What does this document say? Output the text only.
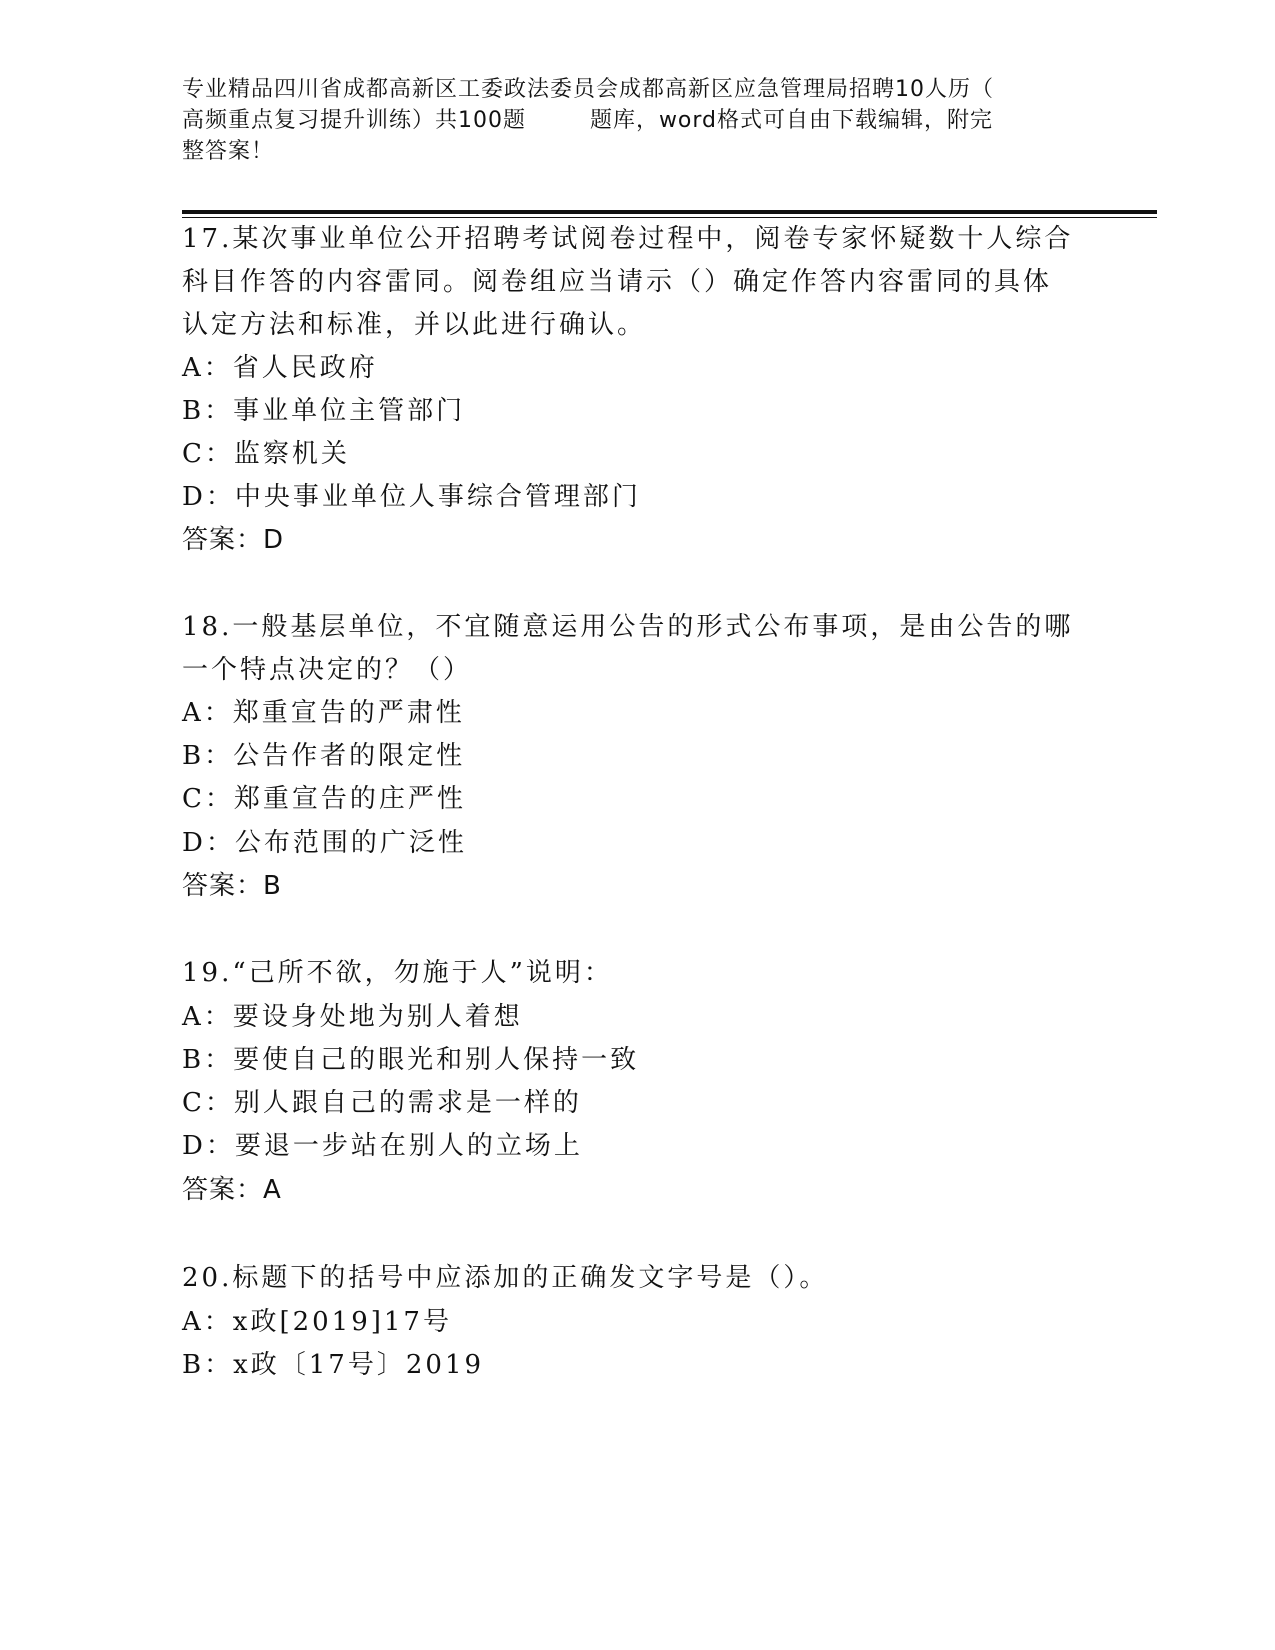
专业精品四川省成都高新区工委政法委员会成都高新区应急管理局招聘10人历（
高频重点复习提升训练）共100题        题库，word格式可自由下载编辑，附完
整答案！
17.某次事业单位公开招聘考试阅卷过程中，阅卷专家怀疑数十人综合
科目作答的内容雷同。阅卷组应当请示（）确定作答内容雷同的具体
认定方法和标准，并以此进行确认。
A：省人民政府
B：事业单位主管部门
C：监察机关
D：中央事业单位人事综合管理部门
答案：D
18.一般基层单位，不宜随意运用公告的形式公布事项，是由公告的哪
一个特点决定的？（）
A：郑重宣告的严肃性
B：公告作者的限定性
C：郑重宣告的庄严性
D：公布范围的广泛性
答案：B
19.“己所不欲，勿施于人”说明：
A：要设身处地为别人着想
B：要使自己的眼光和别人保持一致
C：别人跟自己的需求是一样的
D：要退一步站在别人的立场上
答案：A
20.标题下的括号中应添加的正确发文字号是（）。
A：x政[2019]17号
B：x政〔17号〕2019
